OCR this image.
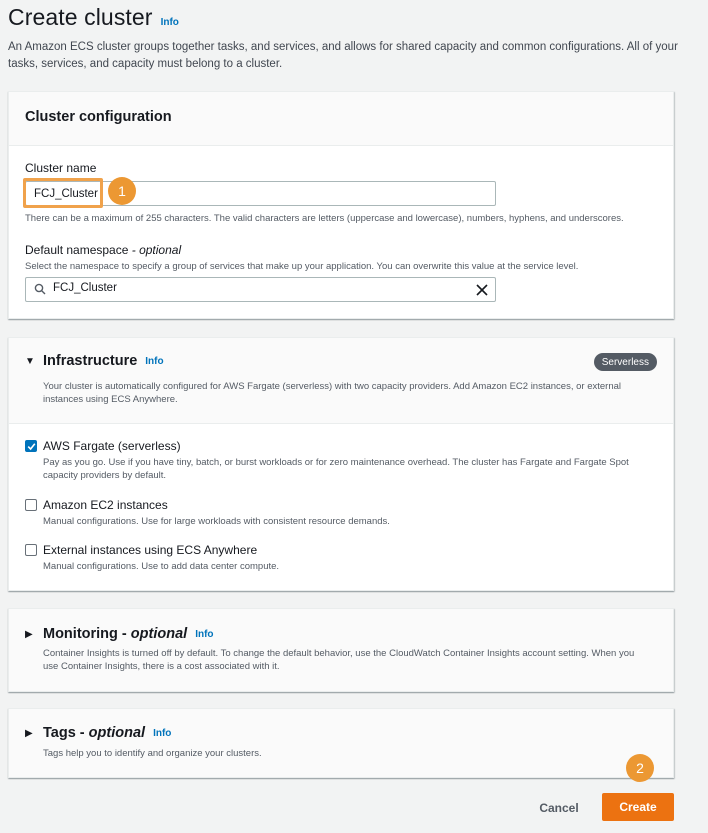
Create cluster Info
An Amazon ECS cluster groups together tasks, and services, and allows for shared capacity and common configurations. All of your tasks, services, and capacity must belong to a cluster.
Cluster configuration
Cluster name
FCJ_Cluster
1
There can be a maximum of 255 characters. The valid characters are letters (uppercase and lowercase), numbers, hyphens, and underscores.
Default namespace - optional
Select the namespace to specify a group of services that make up your application. You can overwrite this value at the service level.
FCJ_Cluster
▼ Infrastructure Info	Serverless
Your cluster is automatically configured for AWS Fargate (serverless) with two capacity providers. Add Amazon EC2 instances, or external instances using ECS Anywhere.
AWS Fargate (serverless)
Pay as you go. Use if you have tiny, batch, or burst workloads or for zero maintenance overhead. The cluster has Fargate and Fargate Spot capacity providers by default.
Amazon EC2 instances
Manual configurations. Use for large workloads with consistent resource demands.
External instances using ECS Anywhere
Manual configurations. Use to add data center compute.
▶ Monitoring - optional Info
Container Insights is turned off by default. To change the default behavior, use the CloudWatch Container Insights account setting. When you use Container Insights, there is a cost associated with it.
▶ Tags - optional Info
Tags help you to identify and organize your clusters.
2
Cancel	Create
